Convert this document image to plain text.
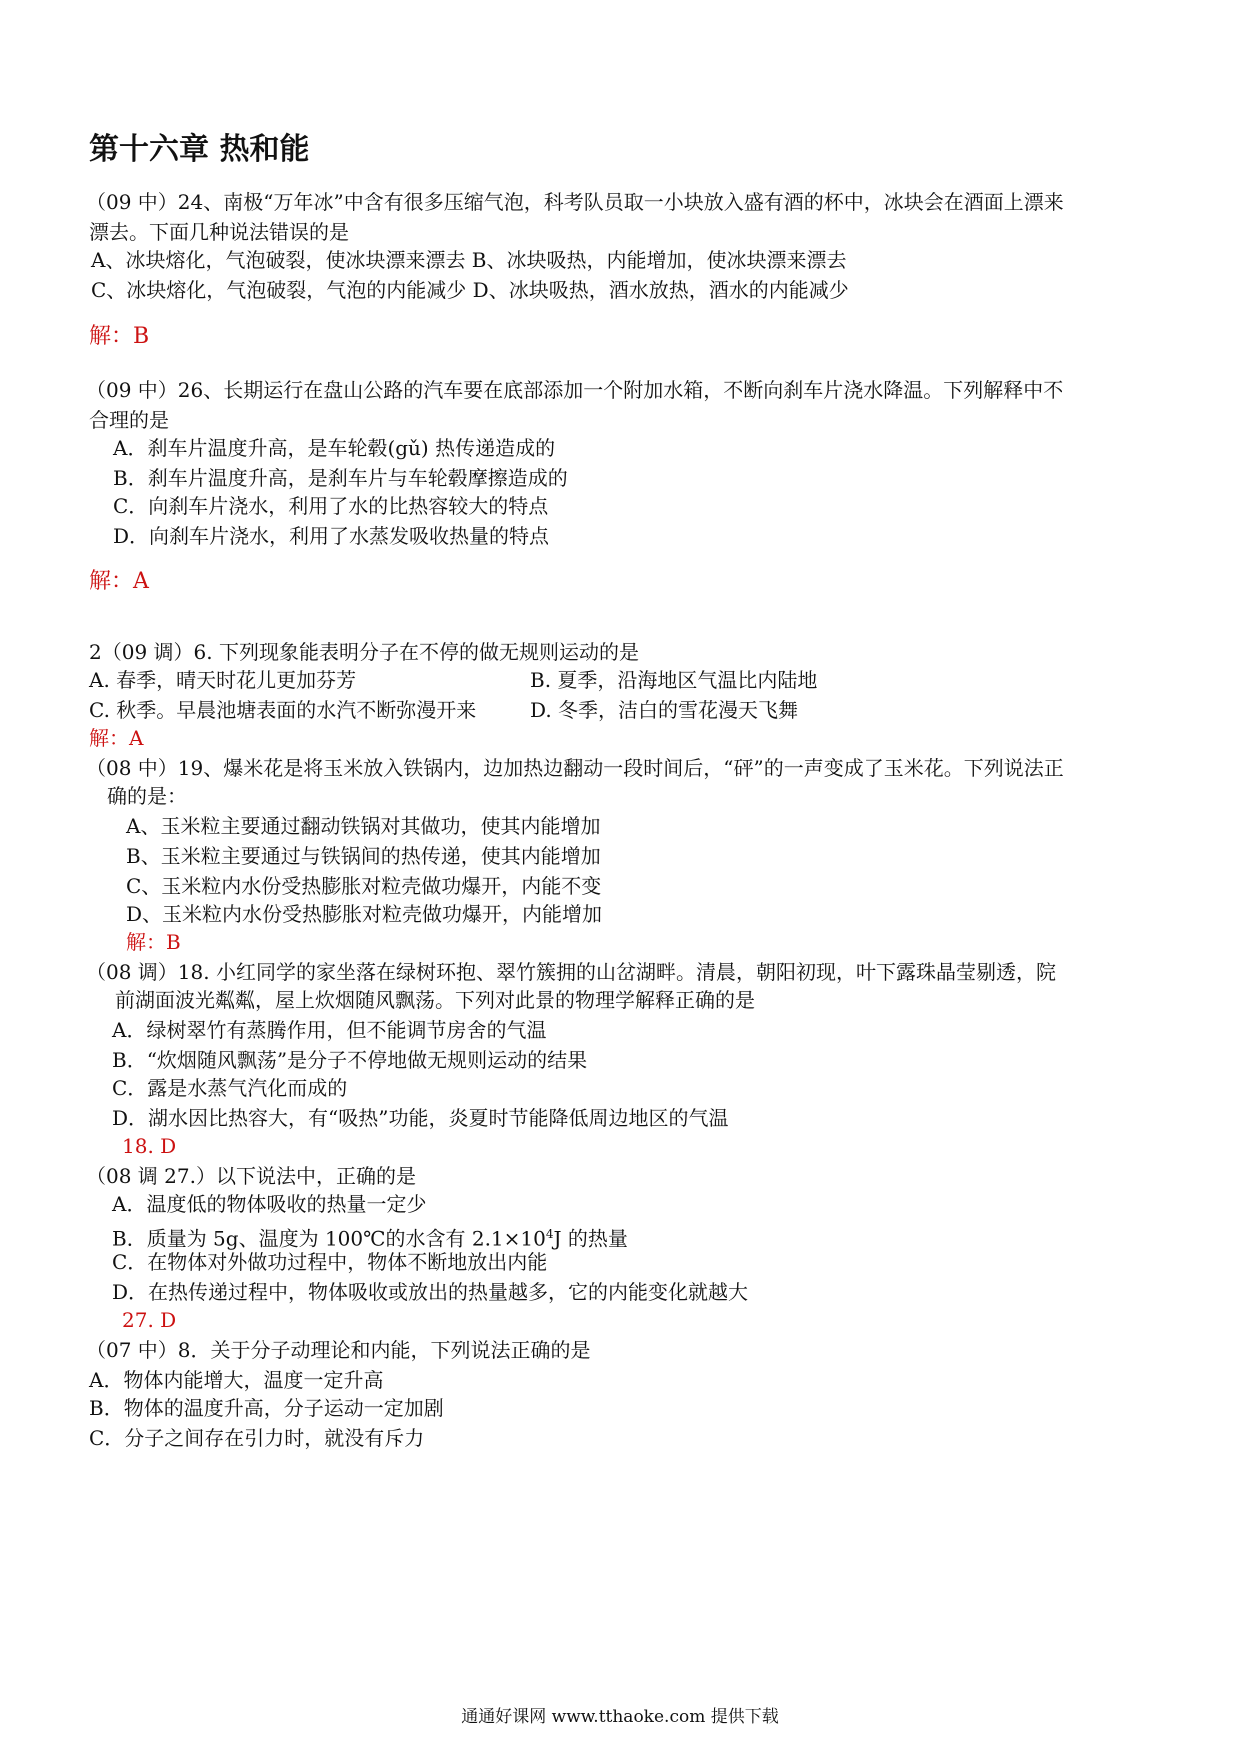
第十六章 热和能
（09 中）24、南极“万年冰”中含有很多压缩气泡，科考队员取一小块放入盛有酒的杯中，冰块会在酒面上漂来
漂去。下面几种说法错误的是
A、冰块熔化，气泡破裂，使冰块漂来漂去 B、冰块吸热，内能增加，使冰块漂来漂去
C、冰块熔化，气泡破裂，气泡的内能减少 D、冰块吸热，酒水放热，酒水的内能减少
解：B
（09 中）26、长期运行在盘山公路的汽车要在底部添加一个附加水箱，不断向刹车片浇水降温。下列解释中不
合理的是
A．刹车片温度升高，是车轮毂(gǔ) 热传递造成的
B．刹车片温度升高，是刹车片与车轮毂摩擦造成的
C．向刹车片浇水，利用了水的比热容较大的特点
D．向刹车片浇水，利用了水蒸发吸收热量的特点
解：A
2（09 调）6. 下列现象能表明分子在不停的做无规则运动的是
A. 春季，晴天时花儿更加芬芳	B. 夏季，沿海地区气温比内陆地
C. 秋季。早晨池塘表面的水汽不断弥漫开来	D. 冬季，洁白的雪花漫天飞舞
解：A
（08 中）19、爆米花是将玉米放入铁锅内，边加热边翻动一段时间后，“砰”的一声变成了玉米花。下列说法正
确的是：
A、玉米粒主要通过翻动铁锅对其做功，使其内能增加
B、玉米粒主要通过与铁锅间的热传递，使其内能增加
C、玉米粒内水份受热膨胀对粒壳做功爆开，内能不变
D、玉米粒内水份受热膨胀对粒壳做功爆开，内能增加
解：B
（08 调）18. 小红同学的家坐落在绿树环抱、翠竹簇拥的山岔湖畔。清晨，朝阳初现，叶下露珠晶莹剔透，院
前湖面波光粼粼，屋上炊烟随风飘荡。下列对此景的物理学解释正确的是
A．绿树翠竹有蒸腾作用，但不能调节房舍的气温
B．“炊烟随风飘荡”是分子不停地做无规则运动的结果
C．露是水蒸气汽化而成的
D．湖水因比热容大，有“吸热”功能，炎夏时节能降低周边地区的气温
18. D
（08 调 27.）以下说法中，正确的是
A．温度低的物体吸收的热量一定少
B．质量为 5g、温度为 100℃的水含有 $2.1\times 10^4J$ 的热量
C．在物体对外做功过程中，物体不断地放出内能
D．在热传递过程中，物体吸收或放出的热量越多，它的内能变化就越大
27. D
（07 中）8．关于分子动理论和内能，下列说法正确的是
A．物体内能增大，温度一定升高
B．物体的温度升高，分子运动一定加剧
C．分子之间存在引力时，就没有斥力
通通好课网 www.tthaoke.com 提供下载
